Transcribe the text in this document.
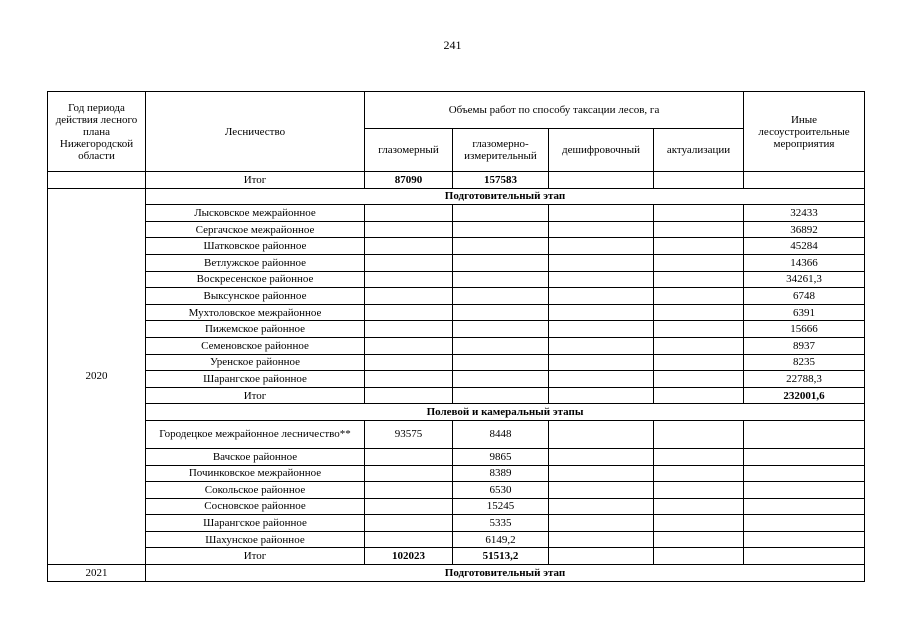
241
Год периода действия лесного плана Нижегородской области	Лесничество	Объемы работ по способу таксации лесов, га				Иные лесоустроительные мероприятия
		глазомерный	глазомерно-измерительный	дешифровочный	актуализации	
	Итог	87090	157583			
2020	Подготовительный этап					
	Лысковское межрайонное					32433
	Сергачское межрайонное					36892
	Шатковское районное					45284
	Ветлужское районное					14366
	Воскресенское районное					34261,3
	Выксунское районное					6748
	Мухтоловское межрайонное					6391
	Пижемское районное					15666
	Семеновское районное					8937
	Уренское районное					8235
	Шарангское районное					22788,3
	Итог					232001,6
	Полевой и камеральный этапы					
	Городецкое межрайонное лесничество**	93575	8448			
	Вачское районное		9865			
	Починковское межрайонное		8389			
	Сокольское районное		6530			
	Сосновское районное		15245			
	Шарангское районное		5335			
	Шахунское районное		6149,2			
	Итог	102023	51513,2			
2021	Подготовительный этап					
